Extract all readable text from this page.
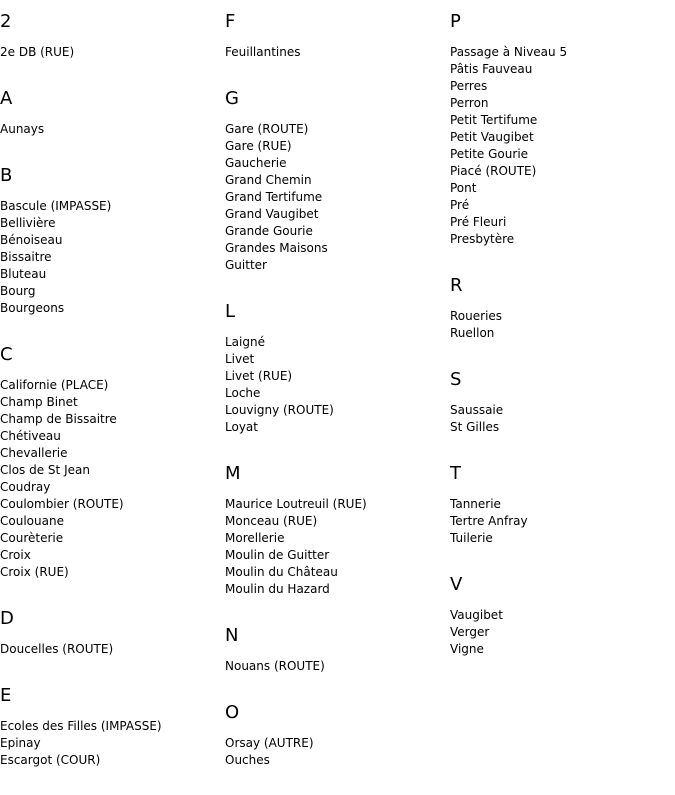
2
2e DB (RUE)
A
Aunays
B
Bascule (IMPASSE)
Bellivière
Bénoiseau
Bissaitre
Bluteau
Bourg
Bourgeons
C
Californie (PLACE)
Champ Binet
Champ de Bissaitre
Chétiveau
Chevallerie
Clos de St Jean
Coudray
Coulombier (ROUTE)
Coulouane
Courèterie
Croix
Croix (RUE)
D
Doucelles (ROUTE)
E
Ecoles des Filles (IMPASSE)
Epinay
Escargot (COUR)
F
Feuillantines
G
Gare (ROUTE)
Gare (RUE)
Gaucherie
Grand Chemin
Grand Tertifume
Grand Vaugibet
Grande Gourie
Grandes Maisons
Guitter
L
Laigné
Livet
Livet (RUE)
Loche
Louvigny (ROUTE)
Loyat
M
Maurice Loutreuil (RUE)
Monceau (RUE)
Morellerie
Moulin de Guitter
Moulin du Château
Moulin du Hazard
N
Nouans (ROUTE)
O
Orsay (AUTRE)
Ouches
P
Passage à Niveau 5
Pâtis Fauveau
Perres
Perron
Petit Tertifume
Petit Vaugibet
Petite Gourie
Piacé (ROUTE)
Pont
Pré
Pré Fleuri
Presbytère
R
Roueries
Ruellon
S
Saussaie
St Gilles
T
Tannerie
Tertre Anfray
Tuilerie
V
Vaugibet
Verger
Vigne
